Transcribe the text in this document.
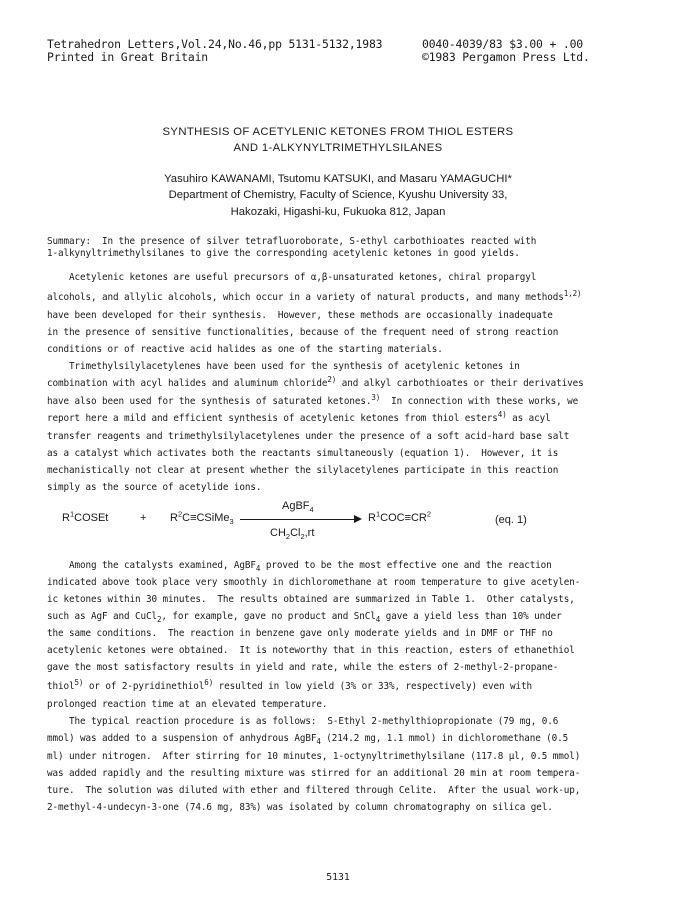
Tetrahedron Letters,Vol.24,No.46,pp 5131-5132,1983
Printed in Great Britain
0040-4039/83 $3.00 + .00
©1983 Pergamon Press Ltd.
SYNTHESIS OF ACETYLENIC KETONES FROM THIOL ESTERS
AND 1-ALKYNYLTRIMETHYLSILANES
Yasuhiro KAWANAMI, Tsutomu KATSUKI, and Masaru YAMAGUCHI*
Department of Chemistry, Faculty of Science, Kyushu University 33,
Hakozaki, Higashi-ku, Fukuoka 812, Japan
Summary:  In the presence of silver tetrafluoroborate, S-ethyl carbothioates reacted with
1-alkynyltrimethylsilanes to give the corresponding acetylenic ketones in good yields.
Acetylenic ketones are useful precursors of α,β-unsaturated ketones, chiral propargyl
alcohols, and allylic alcohols, which occur in a variety of natural products, and many methods$^{1,2)}$
have been developed for their synthesis.  However, these methods are occasionally inadequate
in the presence of sensitive functionalities, because of the frequent need of strong reaction
conditions or of reactive acid halides as one of the starting materials.
Trimethylsilylacetylenes have been used for the synthesis of acetylenic ketones in
combination with acyl halides and aluminum chloride$^{2)}$ and alkyl carbothioates or their derivatives
have also been used for the synthesis of saturated ketones.$^{3)}$  In connection with these works, we
report here a mild and efficient synthesis of acetylenic ketones from thiol esters$^{4)}$ as acyl
transfer reagents and trimethylsilylacetylenes under the presence of a soft acid-hard base salt
as a catalyst which activates both the reactants simultaneously (equation 1).  However, it is
mechanistically not clear at present whether the silylacetylenes participate in this reaction
simply as the source of acetylide ions.
$R^1COSEt$	+ $R^2C\equiv CSiMe_3$
AgBF$_4$
$CH_2Cl_2,rt$
$R^1COC\equiv CR^2$
(eq. 1)
Among the catalysts examined, AgBF$_4$ proved to be the most effective one and the reaction
indicated above took place very smoothly in dichloromethane at room temperature to give acetylen-
ic ketones within 30 minutes.  The results obtained are summarized in Table 1.  Other catalysts,
such as AgF and CuCl$_2$, for example, gave no product and SnCl$_4$ gave a yield less than 10% under
the same conditions.  The reaction in benzene gave only moderate yields and in DMF or THF no
acetylenic ketones were obtained.  It is noteworthy that in this reaction, esters of ethanethiol
gave the most satisfactory results in yield and rate, while the esters of 2-methyl-2-propane-
thiol$^{5)}$ or of 2-pyridinethiol$^{6)}$ resulted in low yield (3% or 33%, respectively) even with
prolonged reaction time at an elevated temperature.
The typical reaction procedure is as follows:  S-Ethyl 2-methylthiopropionate (79 mg, 0.6
mmol) was added to a suspension of anhydrous AgBF$_4$ (214.2 mg, 1.1 mmol) in dichloromethane (0.5
ml) under nitrogen.  After stirring for 10 minutes, 1-octynyltrimethylsilane (117.8 μl, 0.5 mmol)
was added rapidly and the resulting mixture was stirred for an additional 20 min at room tempera-
ture.  The solution was diluted with ether and filtered through Celite.  After the usual work-up,
2-methyl-4-undecyn-3-one (74.6 mg, 83%) was isolated by column chromatography on silica gel.
5131
